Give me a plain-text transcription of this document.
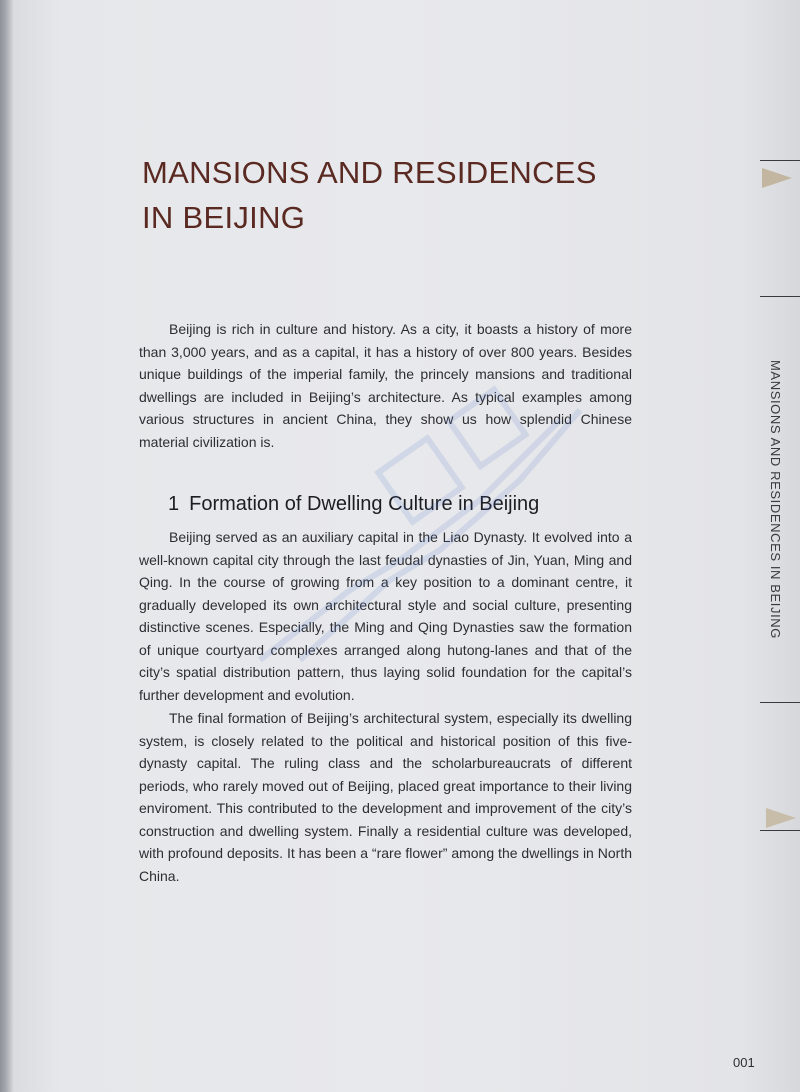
MANSIONS AND RESIDENCES
IN BEIJING

Beijing is rich in culture and history. As a city, it boasts a history of more than 3,000 years, and as a capital, it has a history of over 800 years. Besides unique buildings of the imperial family, the princely mansions and traditional dwellings are included in Beijing’s architecture. As typical examples among various structures in ancient China, they show us how splendid Chinese material civilization is.

1 Formation of Dwelling Culture in Beijing

Beijing served as an auxiliary capital in the Liao Dynasty. It evolved into a well-known capital city through the last feudal dynasties of Jin, Yuan, Ming and Qing. In the course of growing from a key position to a dominant centre, it gradually developed its own architectural style and social culture, presenting distinctive scenes. Especially, the Ming and Qing Dynasties saw the formation of unique courtyard complexes arranged along hutong-lanes and that of the city’s spatial distribution pattern, thus laying solid foundation for the capital’s further development and evolution.

The final formation of Beijing’s architectural system, especially its dwelling system, is closely related to the political and historical position of this five-dynasty capital. The ruling class and the scholarbureaucrats of different periods, who rarely moved out of Beijing, placed great importance to their living enviroment. This contributed to the development and improvement of the city’s construction and dwelling system. Finally a residential culture was developed, with profound deposits. It has been a “rare flower” among the dwellings in North China.

MANSIONS AND RESIDENCES IN BEIJING
001
